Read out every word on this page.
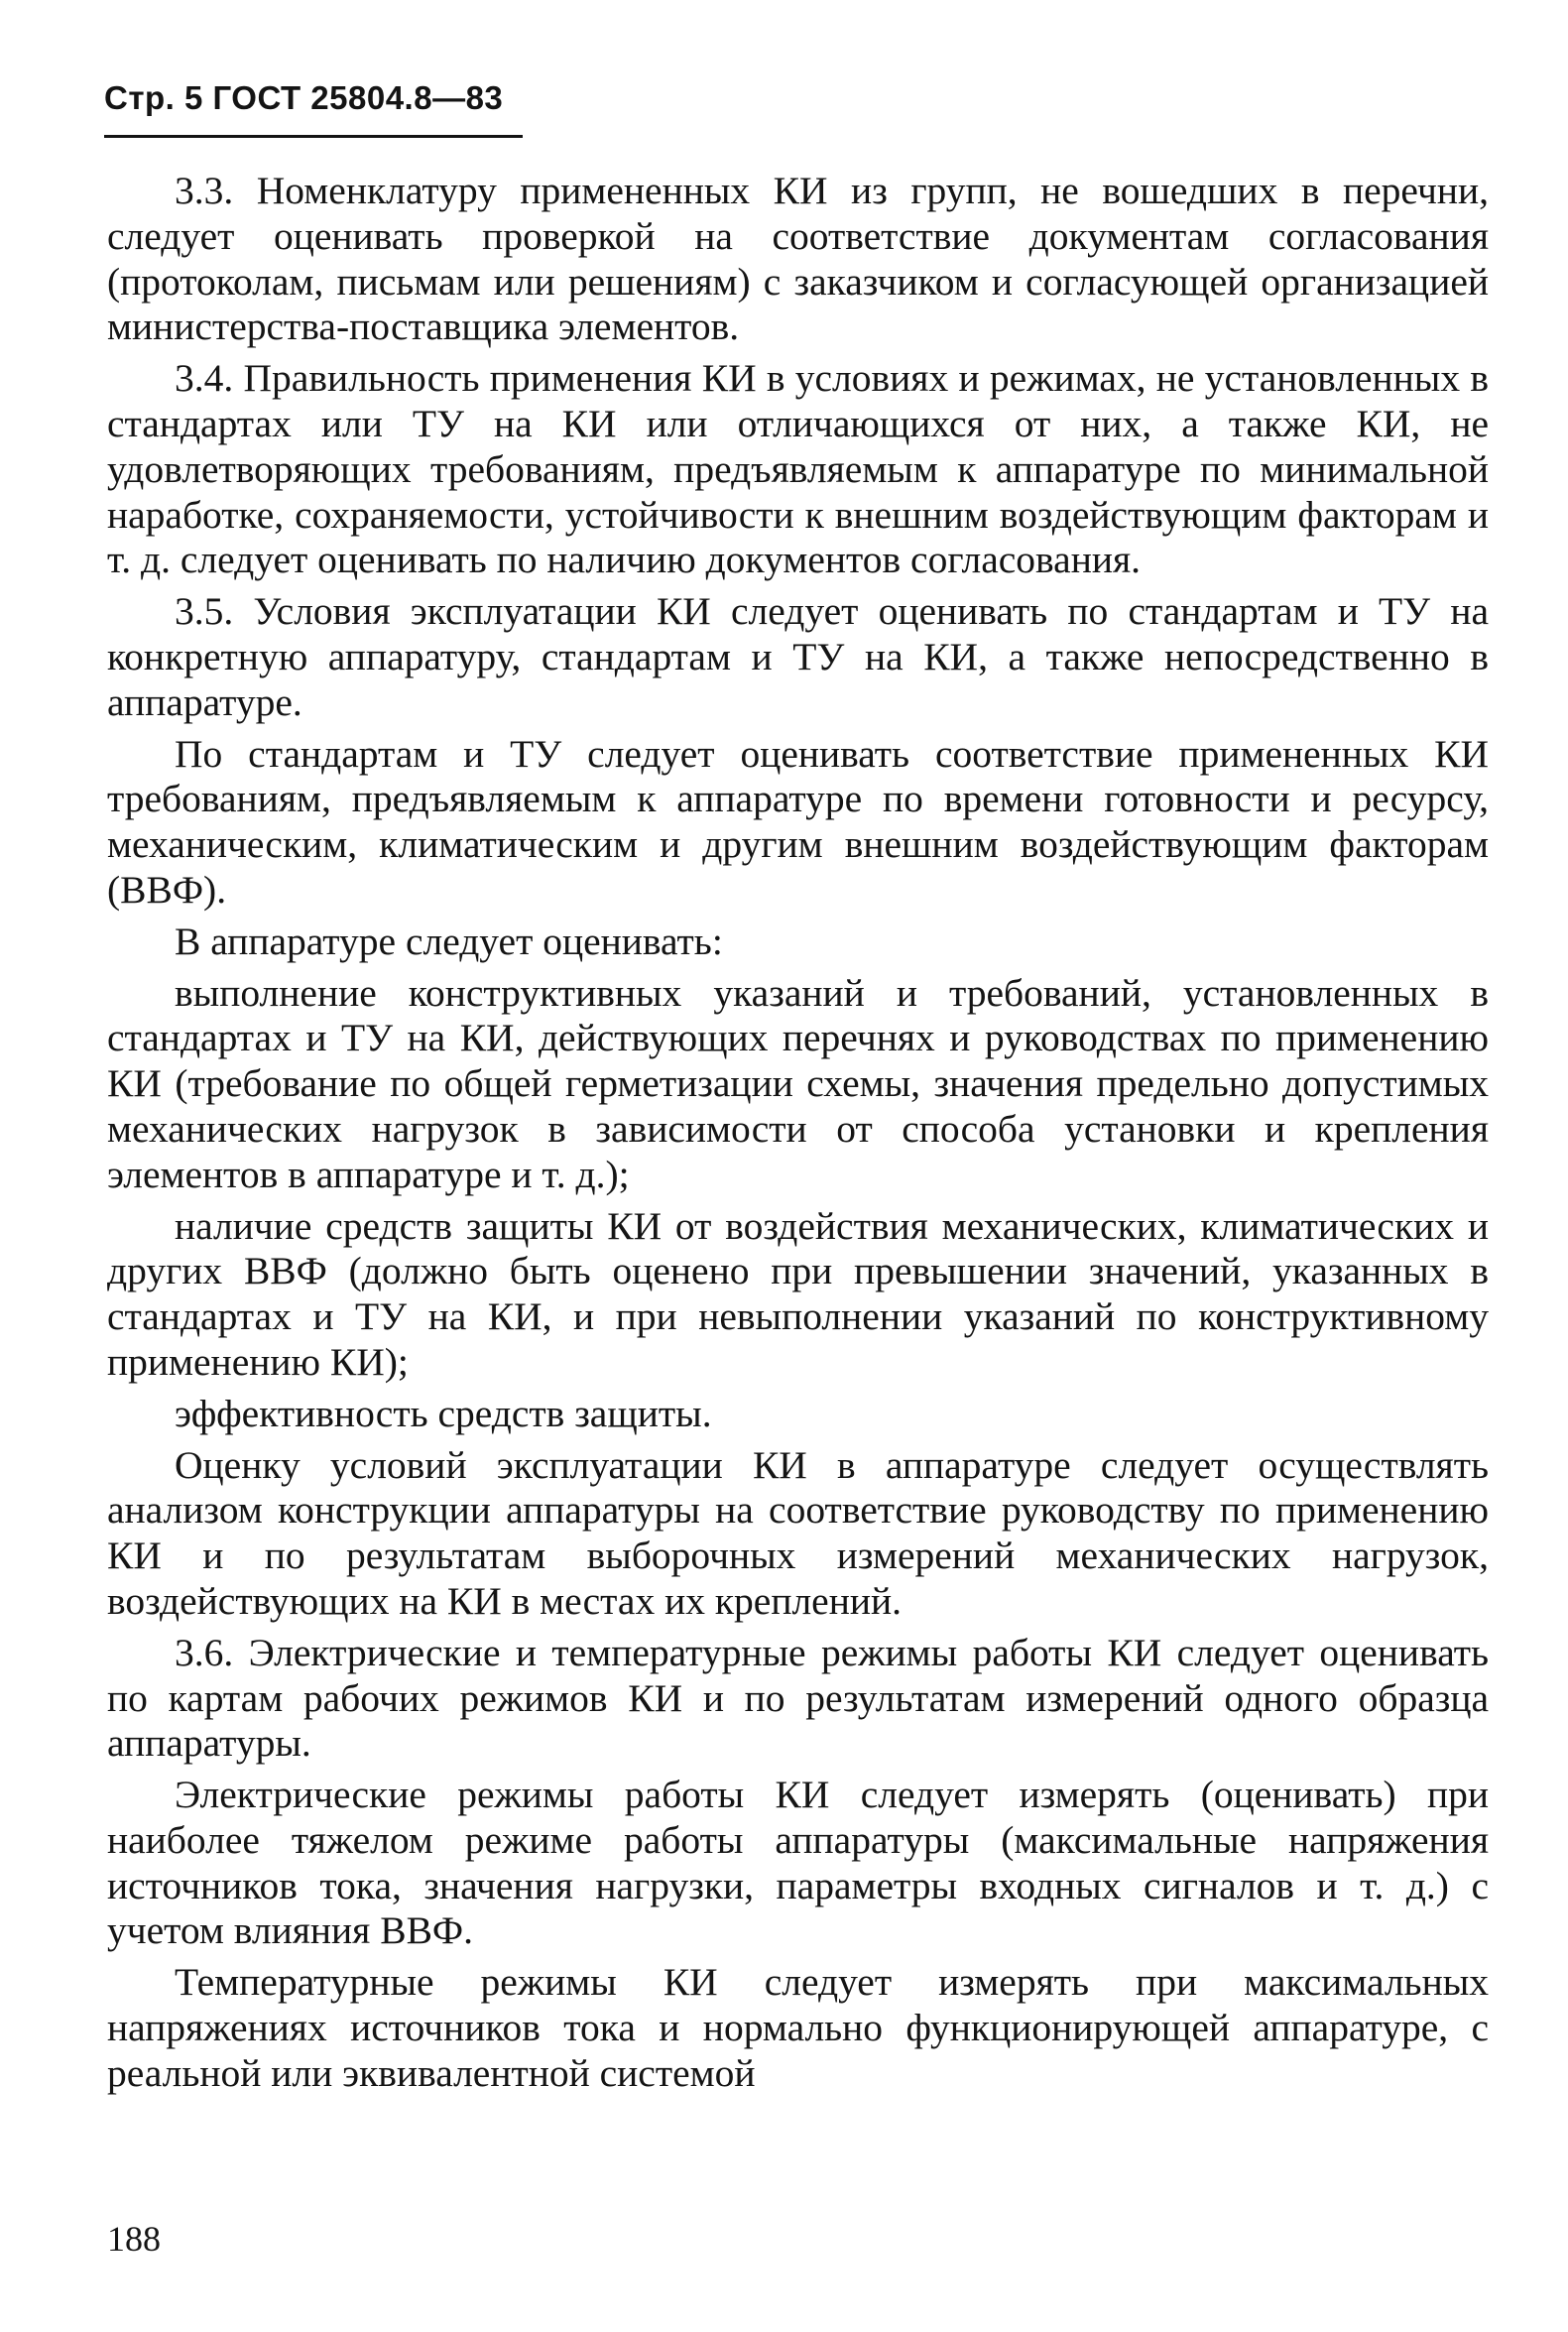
Стр. 5 ГОСТ 25804.8—83

3.3. Номенклатуру примененных КИ из групп, не вошедших в перечни, следует оценивать проверкой на соответствие документам согласования (протоколам, письмам или решениям) с заказчиком и согласующей организацией министерства-поставщика элементов.

3.4. Правильность применения КИ в условиях и режимах, не установленных в стандартах или ТУ на КИ или отличающихся от них, а также КИ, не удовлетворяющих требованиям, предъявляемым к аппаратуре по минимальной наработке, сохраняемости, устойчивости к внешним воздействующим факторам и т. д. следует оценивать по наличию документов согласования.

3.5. Условия эксплуатации КИ следует оценивать по стандартам и ТУ на конкретную аппаратуру, стандартам и ТУ на КИ, а также непосредственно в аппаратуре.

По стандартам и ТУ следует оценивать соответствие примененных КИ требованиям, предъявляемым к аппаратуре по времени готовности и ресурсу, механическим, климатическим и другим внешним воздействующим факторам (ВВФ).

В аппаратуре следует оценивать:

выполнение конструктивных указаний и требований, установленных в стандартах и ТУ на КИ, действующих перечнях и руководствах по применению КИ (требование по общей герметизации схемы, значения предельно допустимых механических нагрузок в зависимости от способа установки и крепления элементов в аппаратуре и т. д.);

наличие средств защиты КИ от воздействия механических, климатических и других ВВФ (должно быть оценено при превышении значений, указанных в стандартах и ТУ на КИ, и при невыполнении указаний по конструктивному применению КИ);

эффективность средств защиты.

Оценку условий эксплуатации КИ в аппаратуре следует осуществлять анализом конструкции аппаратуры на соответствие руководству по применению КИ и по результатам выборочных измерений механических нагрузок, воздействующих на КИ в местах их креплений.

3.6. Электрические и температурные режимы работы КИ следует оценивать по картам рабочих режимов КИ и по результатам измерений одного образца аппаратуры.

Электрические режимы работы КИ следует измерять (оценивать) при наиболее тяжелом режиме работы аппаратуры (максимальные напряжения источников тока, значения нагрузки, параметры входных сигналов и т. д.) с учетом влияния ВВФ.

Температурные режимы КИ следует измерять при максимальных напряжениях источников тока и нормально функционирующей аппаратуре, с реальной или эквивалентной системой

188
